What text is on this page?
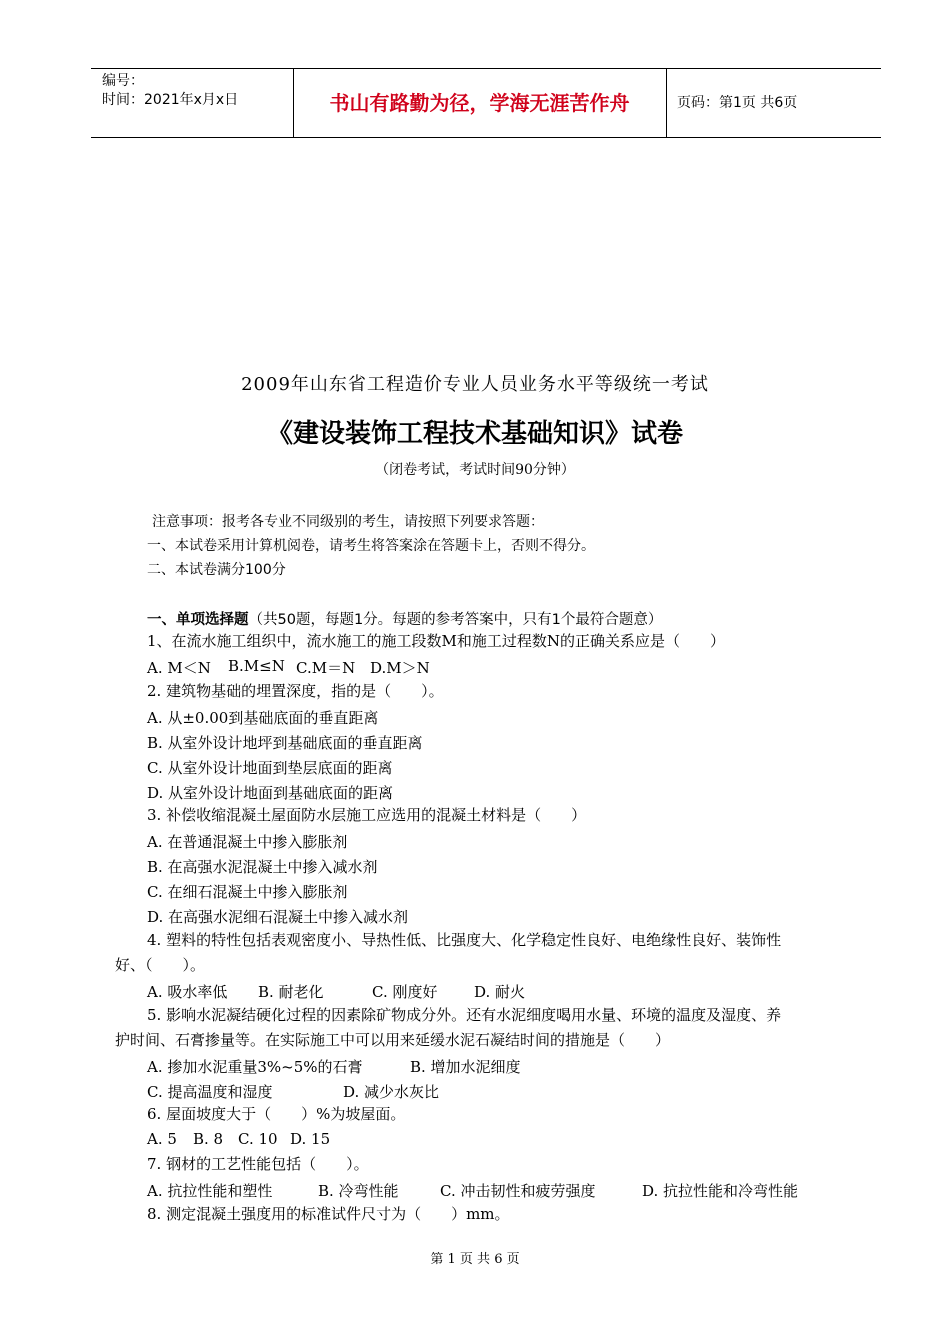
编号：
时间：2021年x月x日	书山有路勤为径，学海无涯苦作舟	页码：第1页 共6页
2009年山东省工程造价专业人员业务水平等级统一考试
《建设装饰工程技术基础知识》试卷
（闭卷考试，考试时间90分钟）
注意事项：报考各专业不同级别的考生，请按照下列要求答题：
一、本试卷采用计算机阅卷，请考生将答案涂在答题卡上，否则不得分。
二、本试卷满分100分
一、单项选择题（共50题，每题1分。每题的参考答案中，只有1个最符合题意）
1、在流水施工组织中，流水施工的施工段数M和施工过程数N的正确关系应是（　　）
A. M＜N B.M≤N C.M＝N D.M＞N
2. 建筑物基础的埋置深度，指的是（　　）。
A. 从±0.00到基础底面的垂直距离
B. 从室外设计地坪到基础底面的垂直距离
C. 从室外设计地面到垫层底面的距离
D. 从室外设计地面到基础底面的距离
3. 补偿收缩混凝土屋面防水层施工应选用的混凝土材料是（　　）
A. 在普通混凝土中掺入膨胀剂
B. 在高强水泥混凝土中掺入减水剂
C. 在细石混凝土中掺入膨胀剂
D. 在高强水泥细石混凝土中掺入减水剂
4. 塑料的特性包括表观密度小、导热性低、比强度大、化学稳定性良好、电绝缘性良好、装饰性
好、（　　）。
A. 吸水率低 B. 耐老化	C. 刚度好 D. 耐火
5. 影响水泥凝结硬化过程的因素除矿物成分外。还有水泥细度喝用水量、环境的温度及湿度、养
护时间、石膏掺量等。在实际施工中可以用来延缓水泥石凝结时间的措施是（　　）
A. 掺加水泥重量3%~5%的石膏	B. 增加水泥细度
C. 提高温度和湿度	D. 减少水灰比
6. 屋面坡度大于（　　）%为坡屋面。
A. 5 B. 8 C. 10 D. 15
7. 钢材的工艺性能包括（　　）。
A. 抗拉性能和塑性	B. 冷弯性能	C. 冲击韧性和疲劳强度	D. 抗拉性能和冷弯性能
8. 测定混凝土强度用的标准试件尺寸为（　　）mm。
第 1 页 共 6 页
